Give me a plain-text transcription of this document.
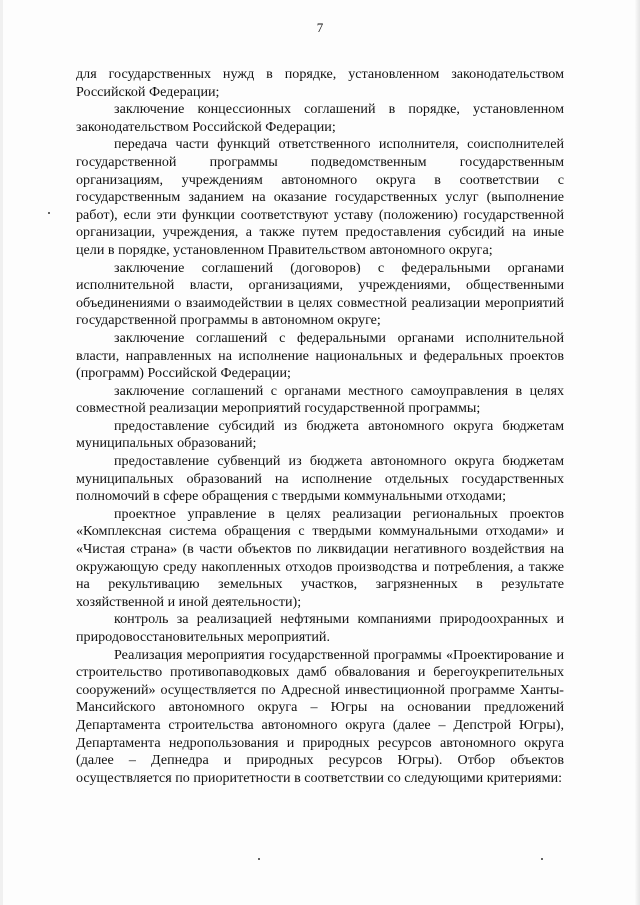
7

для государственных нужд в порядке, установленном законодательством Российской Федерации;

заключение концессионных соглашений в порядке, установленном законодательством Российской Федерации;

передача части функций ответственного исполнителя, соисполнителей государственной программы подведомственным государственным организациям, учреждениям автономного округа в соответствии с государственным заданием на оказание государственных услуг (выполнение работ), если эти функции соответствуют уставу (положению) государственной организации, учреждения, а также путем предоставления субсидий на иные цели в порядке, установленном Правительством автономного округа;

заключение соглашений (договоров) с федеральными органами исполнительной власти, организациями, учреждениями, общественными объединениями о взаимодействии в целях совместной реализации мероприятий государственной программы в автономном округе;

заключение соглашений с федеральными органами исполнительной власти, направленных на исполнение национальных и федеральных проектов (программ) Российской Федерации;

заключение соглашений с органами местного самоуправления в целях совместной реализации мероприятий государственной программы;

предоставление субсидий из бюджета автономного округа бюджетам муниципальных образований;

предоставление субвенций из бюджета автономного округа бюджетам муниципальных образований на исполнение отдельных государственных полномочий в сфере обращения с твердыми коммунальными отходами;

проектное управление в целях реализации региональных проектов «Комплексная система обращения с твердыми коммунальными отходами» и «Чистая страна» (в части объектов по ликвидации негативного воздействия на окружающую среду накопленных отходов производства и потребления, а также на рекультивацию земельных участков, загрязненных в результате хозяйственной и иной деятельности);

контроль за реализацией нефтяными компаниями природоохранных и природовосстановительных мероприятий.

Реализация мероприятия государственной программы «Проектирование и строительство противопаводковых дамб обвалования и берегоукрепительных сооружений» осуществляется по Адресной инвестиционной программе Ханты-Мансийского автономного округа – Югры на основании предложений Департамента строительства автономного округа (далее – Депстрой Югры), Департамента недропользования и природных ресурсов автономного округа (далее – Депнедра и природных ресурсов Югры). Отбор объектов осуществляется по приоритетности в соответствии со следующими критериями:
